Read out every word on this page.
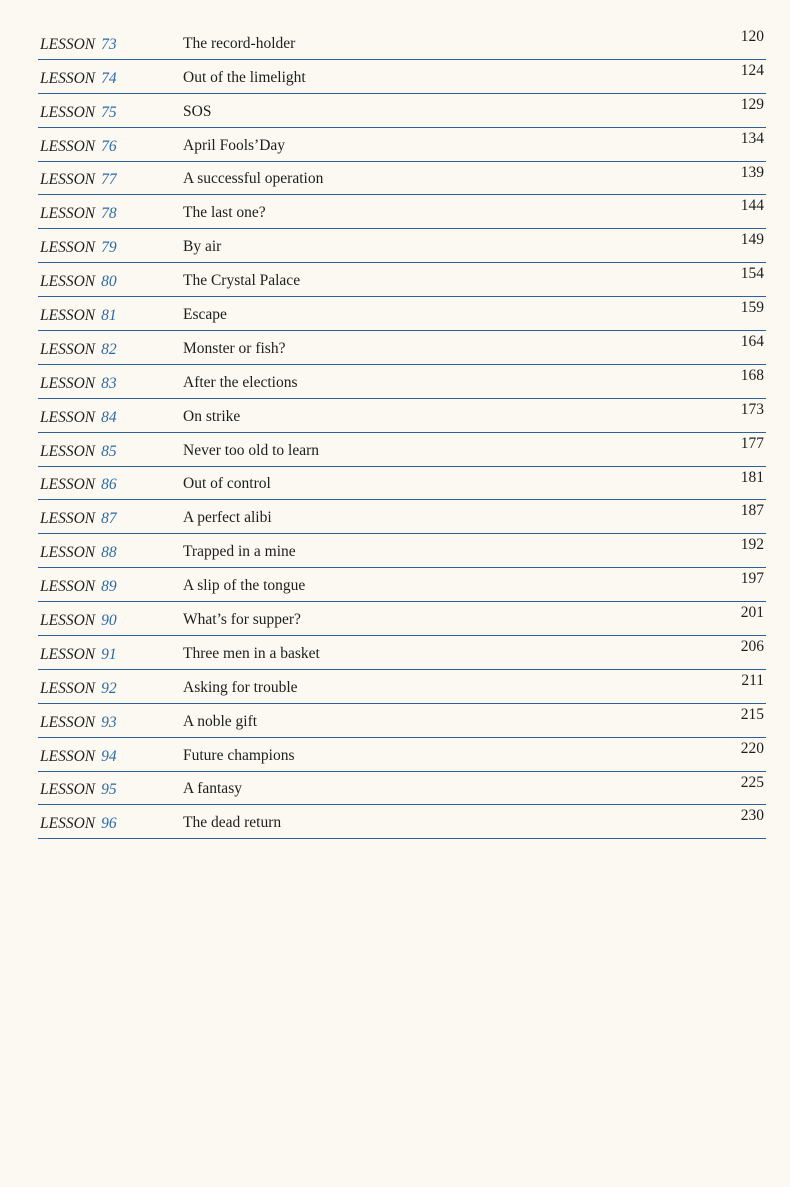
LESSON 73	The record-holder	120
LESSON 74	Out of the limelight	124
LESSON 75	SOS	129
LESSON 76	April Fools’Day	134
LESSON 77	A successful operation	139
LESSON 78	The last one?	144
LESSON 79	By air	149
LESSON 80	The Crystal Palace	154
LESSON 81	Escape	159
LESSON 82	Monster or fish?	164
LESSON 83	After the elections	168
LESSON 84	On strike	173
LESSON 85	Never too old to learn	177
LESSON 86	Out of control	181
LESSON 87	A perfect alibi	187
LESSON 88	Trapped in a mine	192
LESSON 89	A slip of the tongue	197
LESSON 90	What’s for supper?	201
LESSON 91	Three men in a basket	206
LESSON 92	Asking for trouble	211
LESSON 93	A noble gift	215
LESSON 94	Future champions	220
LESSON 95	A fantasy	225
LESSON 96	The dead return	230
